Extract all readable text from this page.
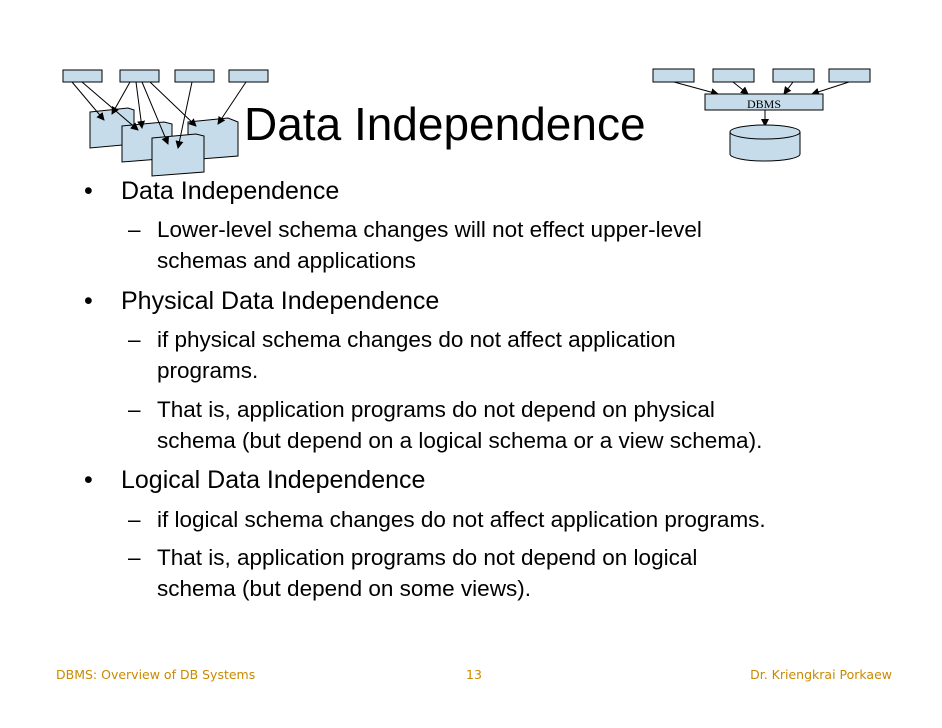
DBMS
Data Independence
• Data Independence
– Lower-level schema changes will not effect upper-level
schemas and applications
• Physical Data Independence
– if physical schema changes do not affect application
programs.
– That is, application programs do not depend on physical
schema (but depend on a logical schema or a view schema).
• Logical Data Independence
– if logical schema changes do not affect application programs.
– That is, application programs do not depend on logical
schema (but depend on some views).
DBMS: Overview of DB Systems	13	Dr. Kriengkrai Porkaew
